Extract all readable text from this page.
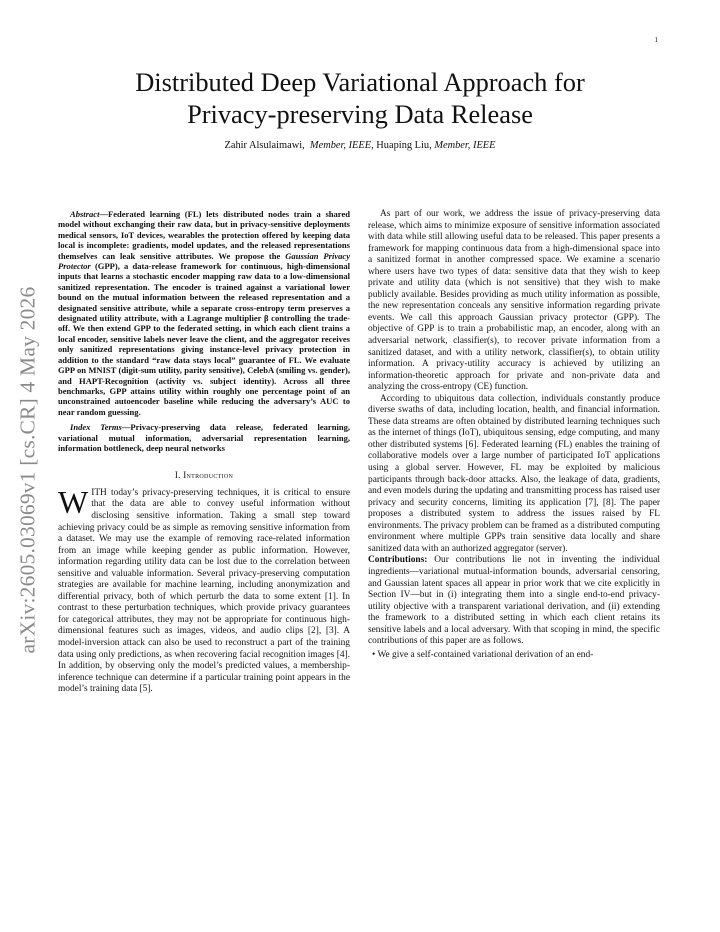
1
arXiv:2605.03069v1 [cs.CR] 4 May 2026
Distributed Deep Variational Approach for
Privacy-preserving Data Release
Zahir Alsulaimawi, Member, IEEE, Huaping Liu, Member, IEEE

Abstract—Federated learning (FL) lets distributed nodes train a shared model without exchanging their raw data, but in privacy-sensitive deployments medical sensors, IoT devices, wearables the protection offered by keeping data local is incomplete: gradients, model updates, and the released representations themselves can leak sensitive attributes. We propose the Gaussian Privacy Protector (GPP), a data-release framework for continuous, high-dimensional inputs that learns a stochastic encoder mapping raw data to a low-dimensional sanitized representation. The encoder is trained against a variational lower bound on the mutual information between the released representation and a designated sensitive attribute, while a separate cross-entropy term preserves a designated utility attribute, with a Lagrange multiplier β controlling the trade-off. We then extend GPP to the federated setting, in which each client trains a local encoder, sensitive labels never leave the client, and the aggregator receives only sanitized representations giving instance-level privacy protection in addition to the standard “raw data stays local” guarantee of FL. We evaluate GPP on MNIST (digit-sum utility, parity sensitive), CelebA (smiling vs. gender), and HAPT-Recognition (activity vs. subject identity). Across all three benchmarks, GPP attains utility within roughly one percentage point of an unconstrained autoencoder baseline while reducing the adversary’s AUC to near random guessing.

Index Terms—Privacy-preserving data release, federated learning, variational mutual information, adversarial representation learning, information bottleneck, deep neural networks

I. Introduction

WITH today’s privacy-preserving techniques, it is critical to ensure that the data are able to convey useful information without disclosing sensitive information. Taking a small step toward achieving privacy could be as simple as removing sensitive information from a dataset. We may use the example of removing race-related information from an image while keeping gender as public information. However, information regarding utility data can be lost due to the correlation between sensitive and valuable information. Several privacy-preserving computation strategies are available for machine learning, including anonymization and differential privacy, both of which perturb the data to some extent [1]. In contrast to these perturbation techniques, which provide privacy guarantees for categorical attributes, they may not be appropriate for continuous high-dimensional features such as images, videos, and audio clips [2], [3]. A model-inversion attack can also be used to reconstruct a part of the training data using only predictions, as when recovering facial recognition images [4]. In addition, by observing only the model’s predicted values, a membership-inference technique can determine if a particular training point appears in the model’s training data [5].

As part of our work, we address the issue of privacy-preserving data release, which aims to minimize exposure of sensitive information associated with data while still allowing useful data to be released. This paper presents a framework for mapping continuous data from a high-dimensional space into a sanitized format in another compressed space. We examine a scenario where users have two types of data: sensitive data that they wish to keep private and utility data (which is not sensitive) that they wish to make publicly available. Besides providing as much utility information as possible, the new representation conceals any sensitive information regarding private events. We call this approach Gaussian privacy protector (GPP). The objective of GPP is to train a probabilistic map, an encoder, along with an adversarial network, classifier(s), to recover private information from a sanitized dataset, and with a utility network, classifier(s), to obtain utility information. A privacy-utility accuracy is achieved by utilizing an information-theoretic approach for private and non-private data and analyzing the cross-entropy (CE) function.

According to ubiquitous data collection, individuals constantly produce diverse swaths of data, including location, health, and financial information. These data streams are often obtained by distributed learning techniques such as the internet of things (IoT), ubiquitous sensing, edge computing, and many other distributed systems [6]. Federated learning (FL) enables the training of collaborative models over a large number of participated IoT applications using a global server. However, FL may be exploited by malicious participants through back-door attacks. Also, the leakage of data, gradients, and even models during the updating and transmitting process has raised user privacy and security concerns, limiting its application [7], [8]. The paper proposes a distributed system to address the issues raised by FL environments. The privacy problem can be framed as a distributed computing environment where multiple GPPs train sensitive data locally and share sanitized data with an authorized aggregator (server).

Contributions: Our contributions lie not in inventing the individual ingredients—variational mutual-information bounds, adversarial censoring, and Gaussian latent spaces all appear in prior work that we cite explicitly in Section IV—but in (i) integrating them into a single end-to-end privacy-utility objective with a transparent variational derivation, and (ii) extending the framework to a distributed setting in which each client retains its sensitive labels and a local adversary. With that scoping in mind, the specific contributions of this paper are as follows.

• We give a self-contained variational derivation of an end-
